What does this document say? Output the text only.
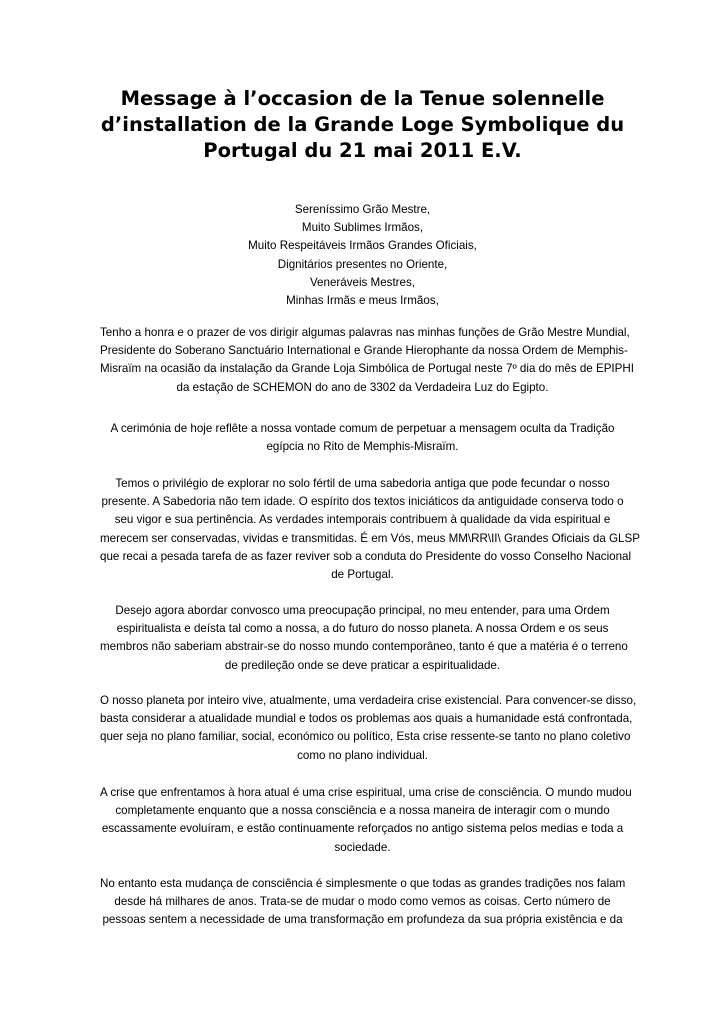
Message à l’occasion de la Tenue solennelle
d’installation de la Grande Loge Symbolique du
Portugal du 21 mai 2011 E.V.
Sereníssimo Grão Mestre,
Muito Sublimes Irmãos,
Muito Respeitáveis Irmãos Grandes Oficiais,
Dignitários presentes no Oriente,
Veneráveis Mestres,
Minhas Irmãs e meus Irmãos,
Tenho a honra e o prazer de vos dirigir algumas palavras nas minhas funções de Grão Mestre Mundial,
Presidente do Soberano Sanctuário International e Grande Hierophante da nossa Ordem de Memphis-
Misraïm na ocasião da instalação da Grande Loja Simbólica de Portugal neste 7º dia do mês de EPIPHI
da estação de SCHEMON do ano de 3302 da Verdadeira Luz do Egipto.
A cerimónia de hoje reflête a nossa vontade comum de perpetuar a mensagem oculta da Tradição
egípcia no Rito de Memphis-Misraïm.
Temos o privilégio de explorar no solo fértil de uma sabedoria antiga que pode fecundar o nosso
presente. A Sabedoria não tem idade. O espírito dos textos iniciáticos da antiguidade conserva todo o
seu vigor e sua pertinência. As verdades intemporais contribuem à qualidade da vida espiritual e
merecem ser conservadas, vividas e transmitidas. É em Vós, meus MM\RR\II\ Grandes Oficiais da GLSP
que recai a pesada tarefa de as fazer reviver sob a conduta do Presidente do vosso Conselho Nacional
de Portugal.
Desejo agora abordar convosco uma preocupação principal, no meu entender, para uma Ordem
espiritualista e deísta tal como a nossa, a do futuro do nosso planeta. A nossa Ordem e os seus
membros não saberiam abstrair-se do nosso mundo contemporâneo, tanto é que a matéria é o terreno
de predileção onde se deve praticar a espiritualidade.
O nosso planeta por inteiro vive, atualmente, uma verdadeira crise existencial. Para convencer-se disso,
basta considerar a atualidade mundial e todos os problemas aos quais a humanidade está confrontada,
quer seja no plano familiar, social, económico ou político, Esta crise ressente-se tanto no plano coletivo
como no plano individual.
A crise que enfrentamos à hora atual é uma crise espiritual, uma crise de consciência. O mundo mudou
completamente enquanto que a nossa consciência e a nossa maneira de interagir com o mundo
escassamente evoluíram, e estão continuamente reforçados no antigo sistema pelos medias e toda a
sociedade.
No entanto esta mudança de consciência é simplesmente o que todas as grandes tradições nos falam
desde há milhares de anos. Trata-se de mudar o modo como vemos as coisas. Certo número de
pessoas sentem a necessidade de uma transformação em profundeza da sua própria existência e da
